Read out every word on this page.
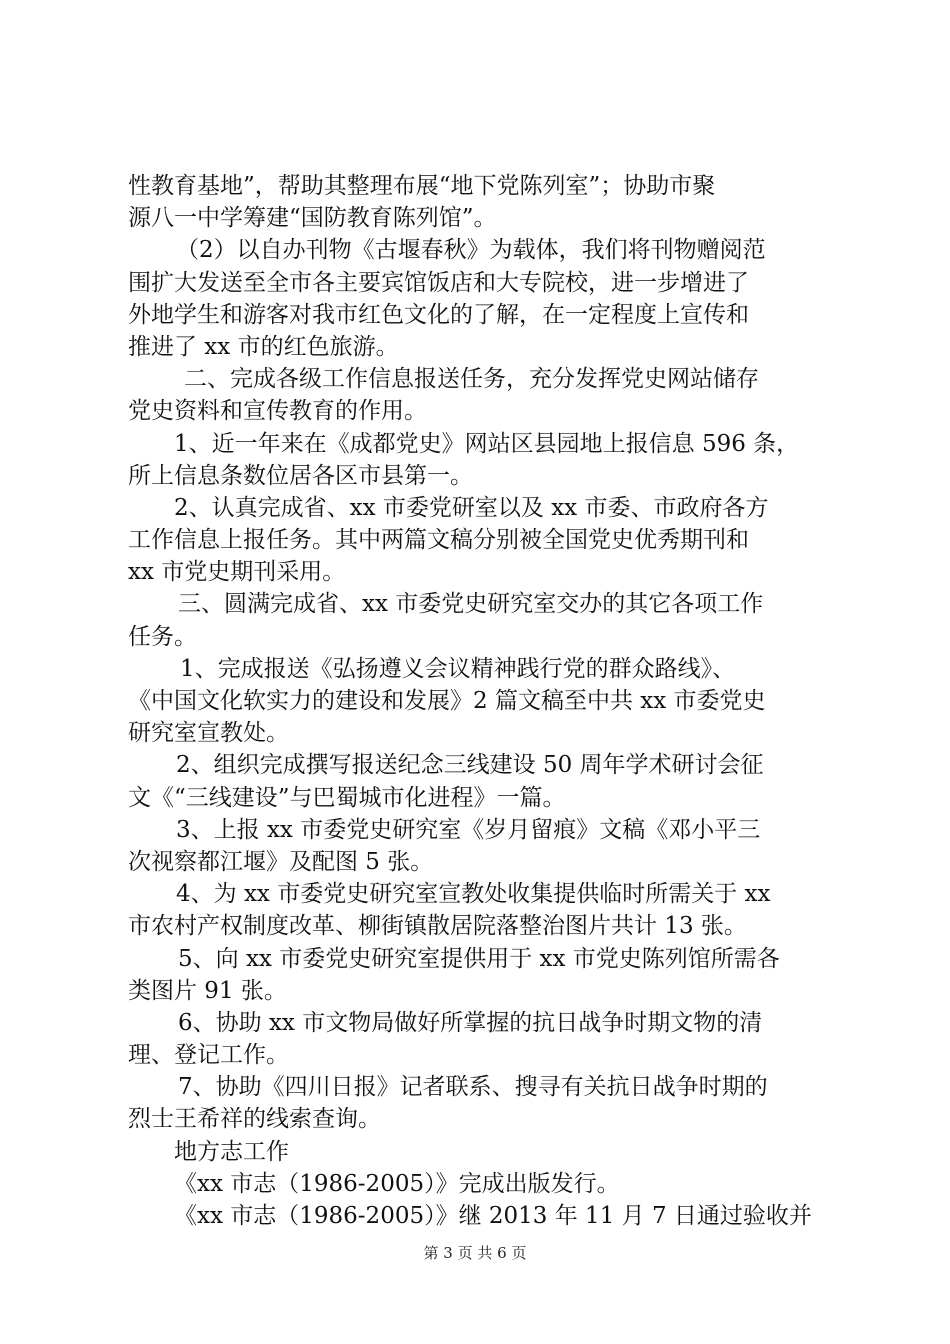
性教育基地”，帮助其整理布展“地下党陈列室”；协助市聚
源八一中学筹建“国防教育陈列馆”。
（2）以自办刊物《古堰春秋》为载体，我们将刊物赠阅范
围扩大发送至全市各主要宾馆饭店和大专院校，进一步增进了
外地学生和游客对我市红色文化的了解，在一定程度上宣传和
推进了 xx 市的红色旅游。
二、完成各级工作信息报送任务，充分发挥党史网站储存
党史资料和宣传教育的作用。
1、近一年来在《成都党史》网站区县园地上报信息 596 条，
所上信息条数位居各区市县第一。
2、认真完成省、xx 市委党研室以及 xx 市委、市政府各方
工作信息上报任务。其中两篇文稿分别被全国党史优秀期刊和
xx 市党史期刊采用。
三、圆满完成省、xx 市委党史研究室交办的其它各项工作
任务。
1、完成报送《弘扬遵义会议精神践行党的群众路线》、
《中国文化软实力的建设和发展》2 篇文稿至中共 xx 市委党史
研究室宣教处。
2、组织完成撰写报送纪念三线建设 50 周年学术研讨会征
文《“三线建设”与巴蜀城市化进程》一篇。
3、上报 xx 市委党史研究室《岁月留痕》文稿《邓小平三
次视察都江堰》及配图 5 张。
4、为 xx 市委党史研究室宣教处收集提供临时所需关于 xx
市农村产权制度改革、柳街镇散居院落整治图片共计 13 张。
5、向 xx 市委党史研究室提供用于 xx 市党史陈列馆所需各
类图片 91 张。
6、协助 xx 市文物局做好所掌握的抗日战争时期文物的清
理、登记工作。
7、协助《四川日报》记者联系、搜寻有关抗日战争时期的
烈士王希祥的线索查询。
地方志工作
《xx 市志（1986-2005）》完成出版发行。
《xx 市志（1986-2005）》继 2013 年 11 月 7 日通过验收并
第 3 页 共 6 页
